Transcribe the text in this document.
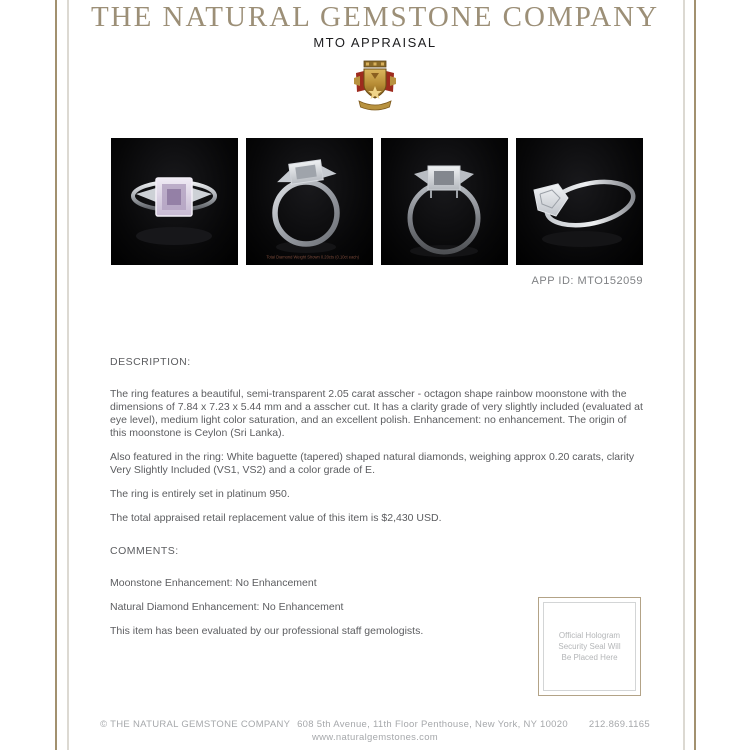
THE NATURAL GEMSTONE COMPANY
MTO APPRAISAL
Total Diamond Weight Shown 0.20cts (0.10ct each)
APP ID: MTO152059
DESCRIPTION:

The ring features a beautiful, semi-transparent 2.05 carat asscher - octagon shape rainbow moonstone with the dimensions of 7.84 x 7.23 x 5.44 mm and a asscher cut. It has a clarity grade of very slightly included (evaluated at eye level), medium light color saturation, and an excellent polish. Enhancement: no enhancement. The origin of this moonstone is Ceylon (Sri Lanka).

Also featured in the ring: White baguette (tapered) shaped natural diamonds, weighing approx 0.20 carats, clarity Very Slightly Included (VS1, VS2) and a color grade of E.

The ring is entirely set in platinum 950.

The total appraised retail replacement value of this item is $2,430 USD.

COMMENTS:

Moonstone Enhancement: No Enhancement

Natural Diamond Enhancement: No Enhancement

This item has been evaluated by our professional staff gemologists.	Official Hologram
Security Seal Will
Be Placed Here
© THE NATURAL GEMSTONE COMPANY 608 5th Avenue, 11th Floor Penthouse, New York, NY 10020 212.869.1165
www.naturalgemstones.com
